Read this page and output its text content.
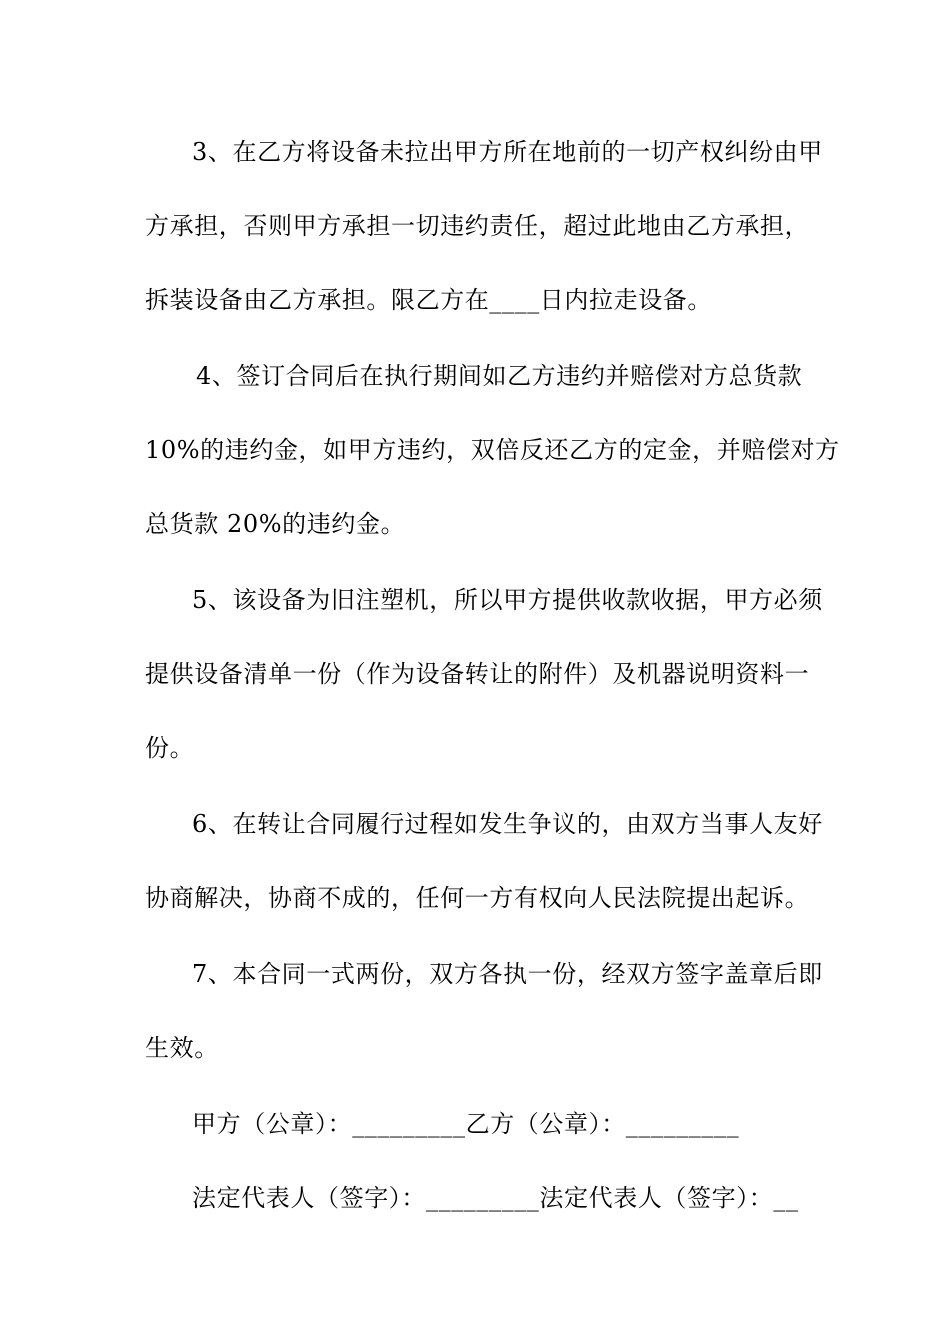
3、在乙方将设备未拉出甲方所在地前的一切产权纠纷由甲
方承担，否则甲方承担一切违约责任，超过此地由乙方承担，
拆装设备由乙方承担。限乙方在____日内拉走设备。
4、签订合同后在执行期间如乙方违约并赔偿对方总货款
10%的违约金，如甲方违约，双倍反还乙方的定金，并赔偿对方
总货款 20%的违约金。
5、该设备为旧注塑机，所以甲方提供收款收据，甲方必须
提供设备清单一份（作为设备转让的附件）及机器说明资料一
份。
6、在转让合同履行过程如发生争议的，由双方当事人友好
协商解决，协商不成的，任何一方有权向人民法院提出起诉。
7、本合同一式两份，双方各执一份，经双方签字盖章后即
生效。
甲方（公章）：_________乙方（公章）：_________
法定代表人（签字）：_________法定代表人（签字）：__
